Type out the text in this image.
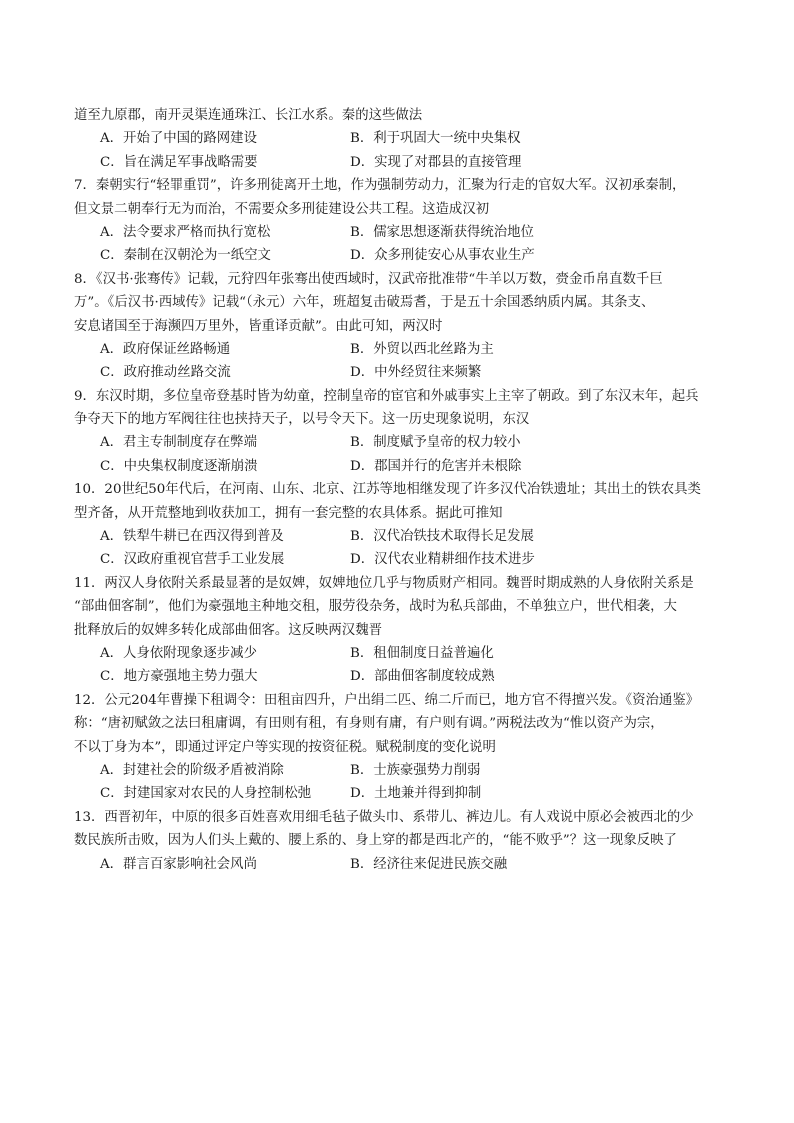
道至九原郡，南开灵渠连通珠江、长江水系。秦的这些做法
A．开始了中国的路网建设	B．利于巩固大一统中央集权
C．旨在满足军事战略需要	D．实现了对郡县的直接管理
7．秦朝实行“轻罪重罚”，许多刑徒离开土地，作为强制劳动力，汇聚为行走的官奴大军。汉初承秦制，
但文景二朝奉行无为而治，不需要众多刑徒建设公共工程。这造成汉初
A．法令要求严格而执行宽松	B．儒家思想逐渐获得统治地位
C．秦制在汉朝沦为一纸空文	D．众多刑徒安心从事农业生产
8．《汉书·张骞传》记载，元狩四年张骞出使西域时，汉武帝批准带“牛羊以万数，赍金币帛直数千巨
万”。《后汉书·西域传》记载“（永元）六年，班超复击破焉耆，于是五十余国悉纳质内属。其条支、
安息诸国至于海濒四万里外，皆重译贡献”。由此可知，两汉时
A．政府保证丝路畅通	B．外贸以西北丝路为主
C．政府推动丝路交流	D．中外经贸往来频繁
9．东汉时期，多位皇帝登基时皆为幼童，控制皇帝的宦官和外戚事实上主宰了朝政。到了东汉末年，起兵
争夺天下的地方军阀往往也挟持天子，以号令天下。这一历史现象说明，东汉
A．君主专制制度存在弊端	B．制度赋予皇帝的权力较小
C．中央集权制度逐渐崩溃	D．郡国并行的危害并未根除
10．20世纪50年代后，在河南、山东、北京、江苏等地相继发现了许多汉代冶铁遗址；其出土的铁农具类
型齐备，从开荒整地到收获加工，拥有一套完整的农具体系。据此可推知
A．铁犁牛耕已在西汉得到普及	B．汉代冶铁技术取得长足发展
C．汉政府重视官营手工业发展	D．汉代农业精耕细作技术进步
11．两汉人身依附关系最显著的是奴婢，奴婢地位几乎与物质财产相同。魏晋时期成熟的人身依附关系是
“部曲佃客制”，他们为豪强地主种地交租，服劳役杂务，战时为私兵部曲，不单独立户，世代相袭，大
批释放后的奴婢多转化成部曲佃客。这反映两汉魏晋
A．人身依附现象逐步减少	B．租佃制度日益普遍化
C．地方豪强地主势力强大	D．部曲佃客制度较成熟
12．公元204年曹操下租调令：田租亩四升，户出绢二匹、绵二斤而已，地方官不得擅兴发。《资治通鉴》
称：“唐初赋敛之法曰租庸调，有田则有租，有身则有庸，有户则有调。”两税法改为“惟以资产为宗，
不以丁身为本”，即通过评定户等实现的按资征税。赋税制度的变化说明
A．封建社会的阶级矛盾被消除	B．士族豪强势力削弱
C．封建国家对农民的人身控制松弛	D．土地兼并得到抑制
13．西晋初年，中原的很多百姓喜欢用细毛毡子做头巾、系带儿、裤边儿。有人戏说中原必会被西北的少
数民族所击败，因为人们头上戴的、腰上系的、身上穿的都是西北产的，“能不败乎”？这一现象反映了
A．群言百家影响社会风尚	B．经济往来促进民族交融
